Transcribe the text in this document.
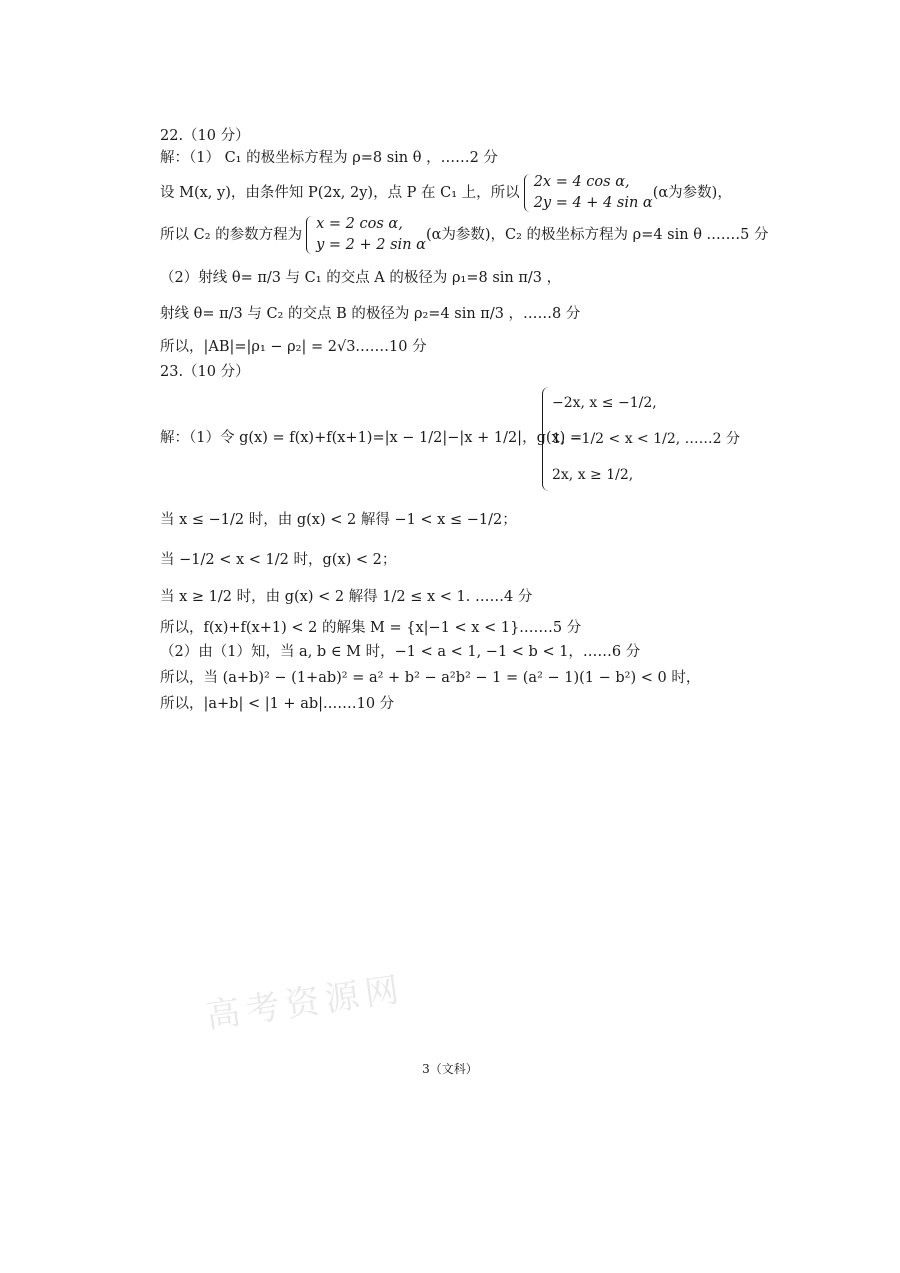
22.（10 分）
解：（1） C₁ 的极坐标方程为 ρ=8 sin θ ，……2 分
设 M(x, y)，由条件知 P(2x, 2y)，点 P 在 C₁ 上，所以
2x = 4 cos α,
2y = 4 + 4 sin α
(α为参数)，
所以 C₂ 的参数方程为
x = 2 cos α,
y = 2 + 2 sin α
(α为参数)，C₂ 的极坐标方程为 ρ=4 sin θ .……5 分
（2）射线 θ= π/3 与 C₁ 的交点 A 的极径为 ρ₁=8 sin π/3 ，
射线 θ= π/3 与 C₂ 的交点 B 的极径为 ρ₂=4 sin π/3 ，……8 分
所以，|AB|=|ρ₁ − ρ₂| = 2√3.……10 分
23.（10 分）
解：（1）令 g(x) = f(x)+f(x+1)=|x − 1/2|−|x + 1/2|，g(x) =
−2x, x ≤ −1/2,
1, −1/2 < x < 1/2, ……2 分
2x, x ≥ 1/2,
当 x ≤ −1/2 时，由 g(x) < 2 解得 −1 < x ≤ −1/2；
当 −1/2 < x < 1/2 时，g(x) < 2；
当 x ≥ 1/2 时，由 g(x) < 2 解得 1/2 ≤ x < 1. ……4 分
所以，f(x)+f(x+1) < 2 的解集 M = {x|−1 < x < 1}.……5 分
（2）由（1）知，当 a, b ∈ M 时，−1 < a < 1, −1 < b < 1，……6 分
所以，当 (a+b)² − (1+ab)² = a² + b² − a²b² − 1 = (a² − 1)(1 − b²) < 0 时，
所以，|a+b| < |1 + ab|.……10 分
高考资源网
3（文科）
